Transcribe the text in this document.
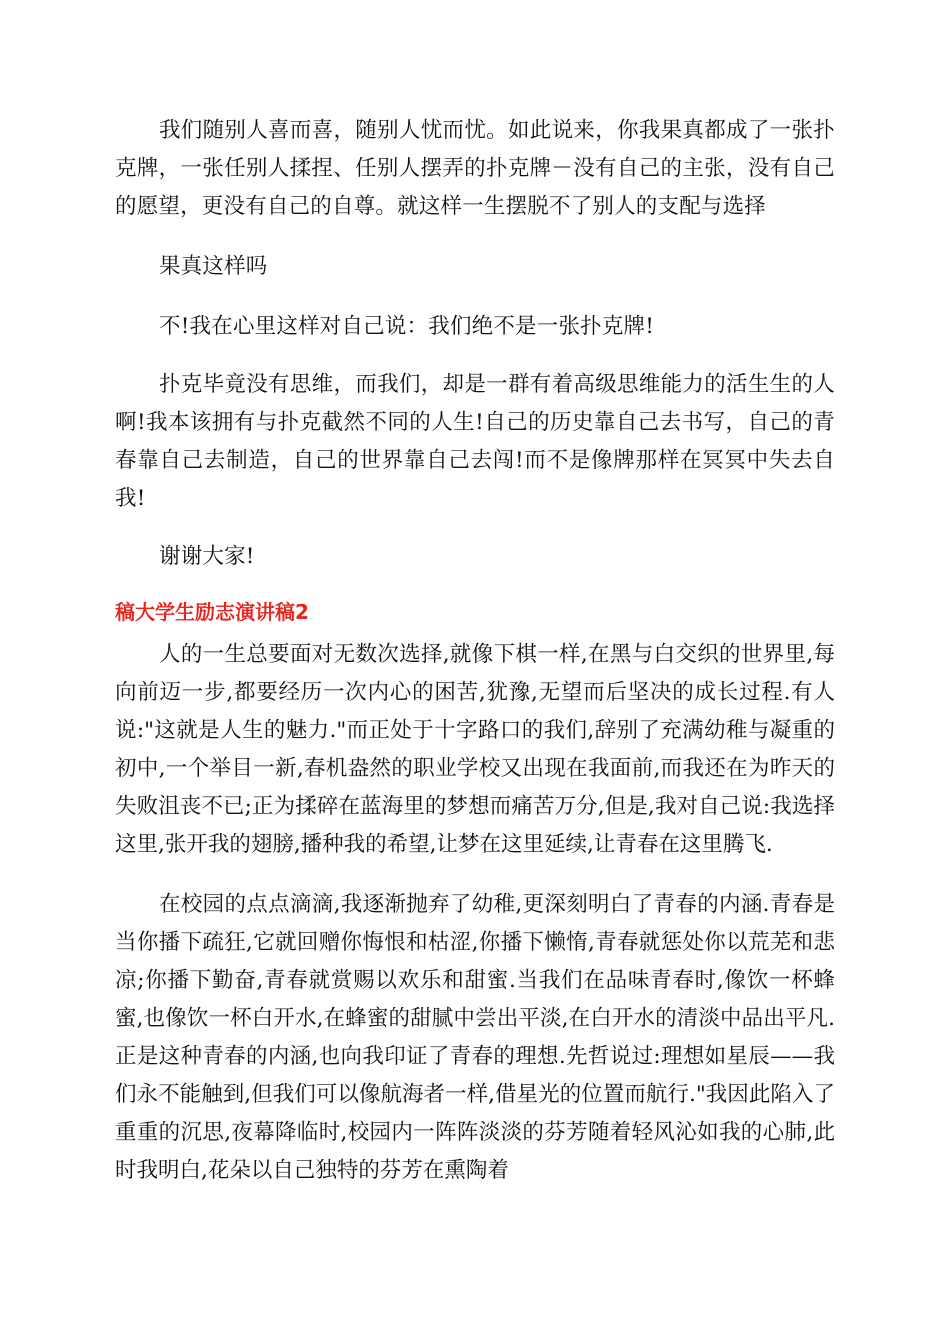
我们随别人喜而喜，随别人忧而忧。如此说来，你我果真都成了一张扑克牌，一张任别人揉捏、任别人摆弄的扑克牌－没有自己的主张，没有自己的愿望，更没有自己的自尊。就这样一生摆脱不了别人的支配与选择

果真这样吗

不!我在心里这样对自己说：我们绝不是一张扑克牌!

扑克毕竟没有思维，而我们，却是一群有着高级思维能力的活生生的人啊!我本该拥有与扑克截然不同的人生!自己的历史靠自己去书写，自己的青春靠自己去制造，自己的世界靠自己去闯!而不是像牌那样在冥冥中失去自我!

谢谢大家!

稿大学生励志演讲稿2

人的一生总要面对无数次选择,就像下棋一样,在黑与白交织的世界里,每向前迈一步,都要经历一次内心的困苦,犹豫,无望而后坚决的成长过程.有人说:"这就是人生的魅力."而正处于十字路口的我们,辞别了充满幼稚与凝重的初中,一个举目一新,春机盎然的职业学校又出现在我面前,而我还在为昨天的失败沮丧不已;正为揉碎在蓝海里的梦想而痛苦万分,但是,我对自己说:我选择这里,张开我的翅膀,播种我的希望,让梦在这里延续,让青春在这里腾飞.

在校园的点点滴滴,我逐渐抛弃了幼稚,更深刻明白了青春的内涵.青春是当你播下疏狂,它就回赠你悔恨和枯涩,你播下懒惰,青春就惩处你以荒芜和悲凉;你播下勤奋,青春就赏赐以欢乐和甜蜜.当我们在品味青春时,像饮一杯蜂蜜,也像饮一杯白开水,在蜂蜜的甜腻中尝出平淡,在白开水的清淡中品出平凡.正是这种青春的内涵,也向我印证了青春的理想.先哲说过:理想如星辰——我们永不能触到,但我们可以像航海者一样,借星光的位置而航行."我因此陷入了重重的沉思,夜幕降临时,校园内一阵阵淡淡的芬芳随着轻风沁如我的心肺,此时我明白,花朵以自己独特的芬芳在熏陶着
